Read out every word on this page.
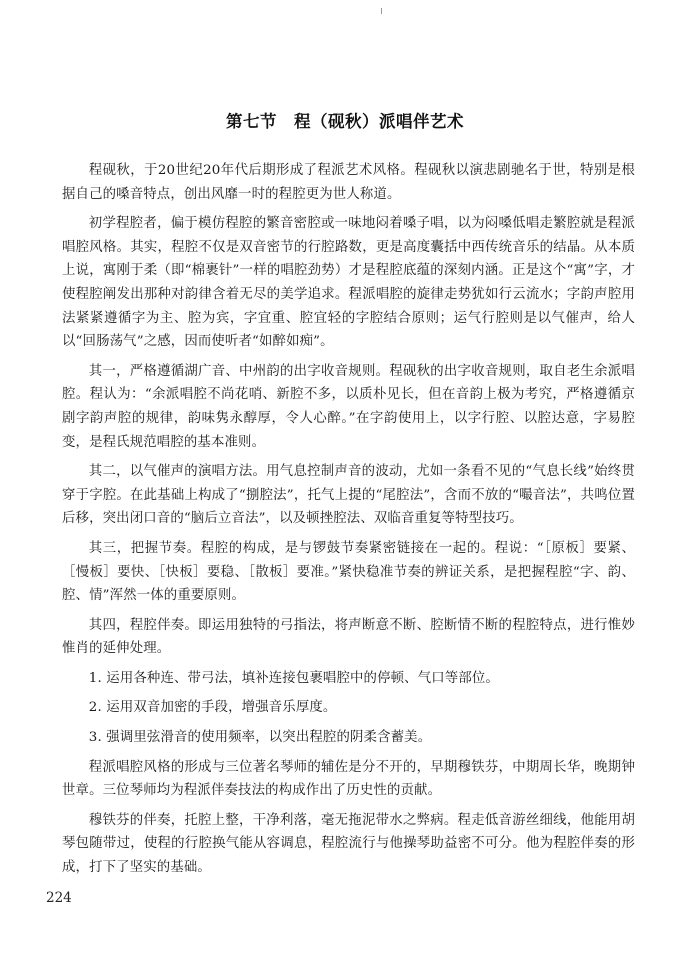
第七节　程（砚秋）派唱伴艺术

程砚秋，于20世纪20年代后期形成了程派艺术风格。程砚秋以演悲剧驰名于世，特别是根据自己的嗓音特点，创出风靡一时的程腔更为世人称道。

初学程腔者，偏于模仿程腔的繁音密腔或一味地闷着嗓子唱，以为闷嗓低唱走繁腔就是程派唱腔风格。其实，程腔不仅是双音密节的行腔路数，更是高度囊括中西传统音乐的结晶。从本质上说，寓刚于柔（即“棉裹针”一样的唱腔劲势）才是程腔底蕴的深刻内涵。正是这个“寓”字，才使程腔阐发出那种对韵律含着无尽的美学追求。程派唱腔的旋律走势犹如行云流水；字韵声腔用法紧紧遵循字为主、腔为宾，字宜重、腔宜轻的字腔结合原则；运气行腔则是以气催声，给人以“回肠荡气”之感，因而使听者“如醉如痴”。

其一，严格遵循湖广音、中州韵的出字收音规则。程砚秋的出字收音规则，取自老生余派唱腔。程认为：“余派唱腔不尚花哨、新腔不多，以质朴见长，但在音韵上极为考究，严格遵循京剧字韵声腔的规律，韵味隽永醇厚，令人心醉。”在字韵使用上，以字行腔、以腔达意，字易腔变，是程氏规范唱腔的基本准则。

其二，以气催声的演唱方法。用气息控制声音的波动，尤如一条看不见的“气息长线”始终贯穿于字腔。在此基础上构成了“捌腔法”，托气上提的“尾腔法”，含而不放的“嘬音法”，共鸣位置后移，突出闭口音的“脑后立音法”，以及顿挫腔法、双临音重复等特型技巧。

其三，把握节奏。程腔的构成，是与锣鼓节奏紧密链接在一起的。程说：“［原板］要紧、［慢板］要快、［快板］要稳、［散板］要准。”紧快稳准节奏的辨证关系，是把握程腔“字、韵、腔、情”浑然一体的重要原则。

其四，程腔伴奏。即运用独特的弓指法，将声断意不断、腔断情不断的程腔特点，进行惟妙惟肖的延伸处理。

1. 运用各种连、带弓法，填补连接包裹唱腔中的停顿、气口等部位。

2. 运用双音加密的手段，增强音乐厚度。

3. 强调里弦滑音的使用频率，以突出程腔的阴柔含蓄美。

程派唱腔风格的形成与三位著名琴师的辅佐是分不开的，早期穆铁芬，中期周长华，晚期钟世章。三位琴师均为程派伴奏技法的构成作出了历史性的贡献。

穆铁芬的伴奏，托腔上整，干净利落，毫无拖泥带水之弊病。程走低音游丝细线，他能用胡琴包随带过，使程的行腔换气能从容调息，程腔流行与他操琴助益密不可分。他为程腔伴奏的形成，打下了坚实的基础。

224
